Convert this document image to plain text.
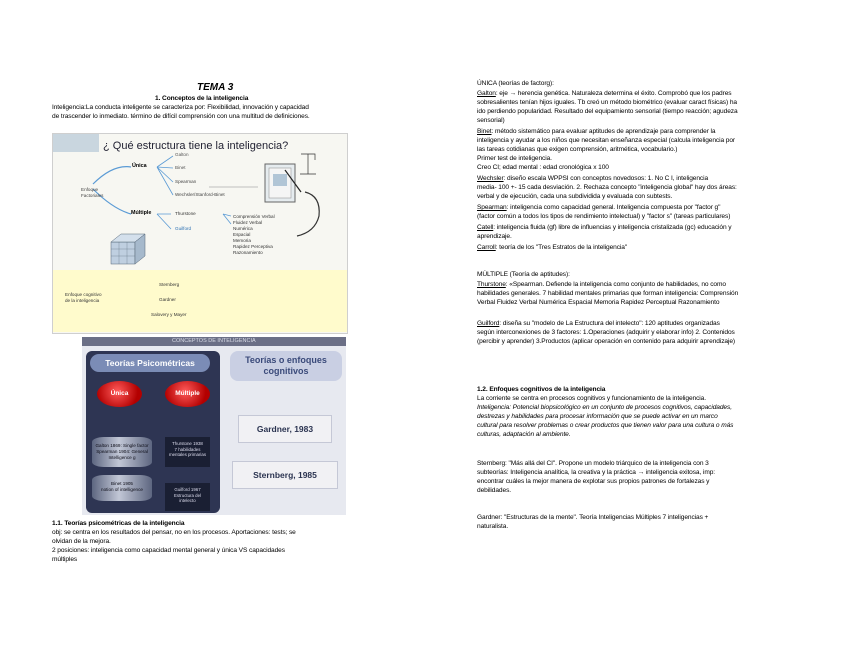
TEMA 3
1. Conceptos de la inteligencia
Inteligencia:La conducta inteligente se caracteriza por: Flexibilidad, innovación y capacidad
de trascender lo inmediato. término de difícil comprensión con una multitud de definiciones.
¿ Qué estructura tiene la inteligencia?
Enfoque
Factoriales
Única
Galton
Binet
Spearman
Wechsler/Stanford-Binet
Múltiple	Thurstone
Guilford
Comprensión Verbal
Fluidez Verbal
Numérica
Espacial
Memoria
Rapidez Perceptiva
Razonamiento
Enfoque cognitivo
de la inteligencia
Sternberg
Gardner
Salovery y Mayer
CONCEPTOS DE INTELIGENCIA
Teorías Psicométricas
Única	Múltiple
Galton 1869: Single factor
Spearman 1904: General
Intelligence g
Binet 1905
notion of intelligence
Thurstone 1938
7 habilidades
mentales primarias
Guilford 1967
Estructura del
intelecto
Teorías o enfoques cognitivos
Gardner, 1983
Sternberg, 1985
1.1. Teorías psicométricas de la inteligencia
obj: se centra en los resultados del pensar, no en los procesos. Aportaciones: tests; se
olvidan de la mejora.
2 posiciones: inteligencia como capacidad mental general y única VS capacidades
múltiples
ÚNICA (teorías de factorg):
Galton: eje → herencia genética. Naturaleza determina el éxito. Comprobó que los padres
sobresalientes tenían hijos iguales. Tb creó un método biométrico (evaluar caract físicas) ha
ido perdiendo popularidad. Resultado del equipamiento sensorial (tiempo reacción; agudeza
sensorial)
Binet: método sistemático para evaluar aptitudes de aprendizaje para comprender la
inteligencia y ayudar a los niños que necesitan enseñanza especial (calcula inteligencia por
las tareas cotidianas que exigen comprensión, aritmética, vocabulario.)
Primer test de inteligencia.
Creo CI; edad mental : edad cronológica x 100
Wechsler: diseño escala WPPSI con conceptos novedosos: 1. No C I, inteligencia
media- 100 +- 15 cada desviación. 2. Rechaza concepto "inteligencia global" hay dos áreas:
verbal y de ejecución, cada una subdividida y evaluada con subtests.
Spearman: inteligencia como capacidad general. Inteligencia compuesta por "factor g"
(factor común a todos los tipos de rendimiento intelectual) y "factor s" (tareas particulares)
Catell: inteligencia fluida (gf) libre de influencias y inteligencia cristalizada (gc) educación y
aprendizaje.
Carroll: teoría de los "Tres Estratos de la inteligencia"
MÚLTIPLE (Teoría de aptitudes):
Thurstone: «Spearman. Defiende la inteligencia como conjunto de habilidades, no como
habilidades generales. 7 habilidad mentales primarias que forman inteligencia: Comprensión
Verbal Fluidez Verbal Numérica Espacial Memoria Rapidez Perceptual Razonamiento
Guilford: diseña su "modelo de La Estructura del intelecto": 120 aptitudes organizadas
según interconexiones de 3 factores: 1.Operaciones (adquirir y elaborar info) 2. Contenidos
(percibir y aprender) 3.Productos (aplicar operación en contenido para adquirir aprendizaje)
1.2. Enfoques cognitivos de la inteligencia
La corriente se centra en procesos cognitivos y funcionamiento de la inteligencia.
Inteligencia: Potencial biopsicológico en un conjunto de procesos cognitivos, capacidades,
destrezas y habilidades para procesar información que se puede activar en un marco
cultural para resolver problemas o crear productos que tienen valor para una cultura o más
culturas, adaptación al ambiente.
Sternberg: "Más allá del CI". Propone un modelo triárquico de la inteligencia con 3
subteorías: Inteligencia analítica, la creativa y la práctica → inteligencia exitosa, imp:
encontrar cuáles la mejor manera de explotar sus propios patrones de fortalezas y
debilidades.
Gardner: "Estructuras de la mente". Teoría Inteligencias Múltiples 7 inteligencias +
naturalista.
